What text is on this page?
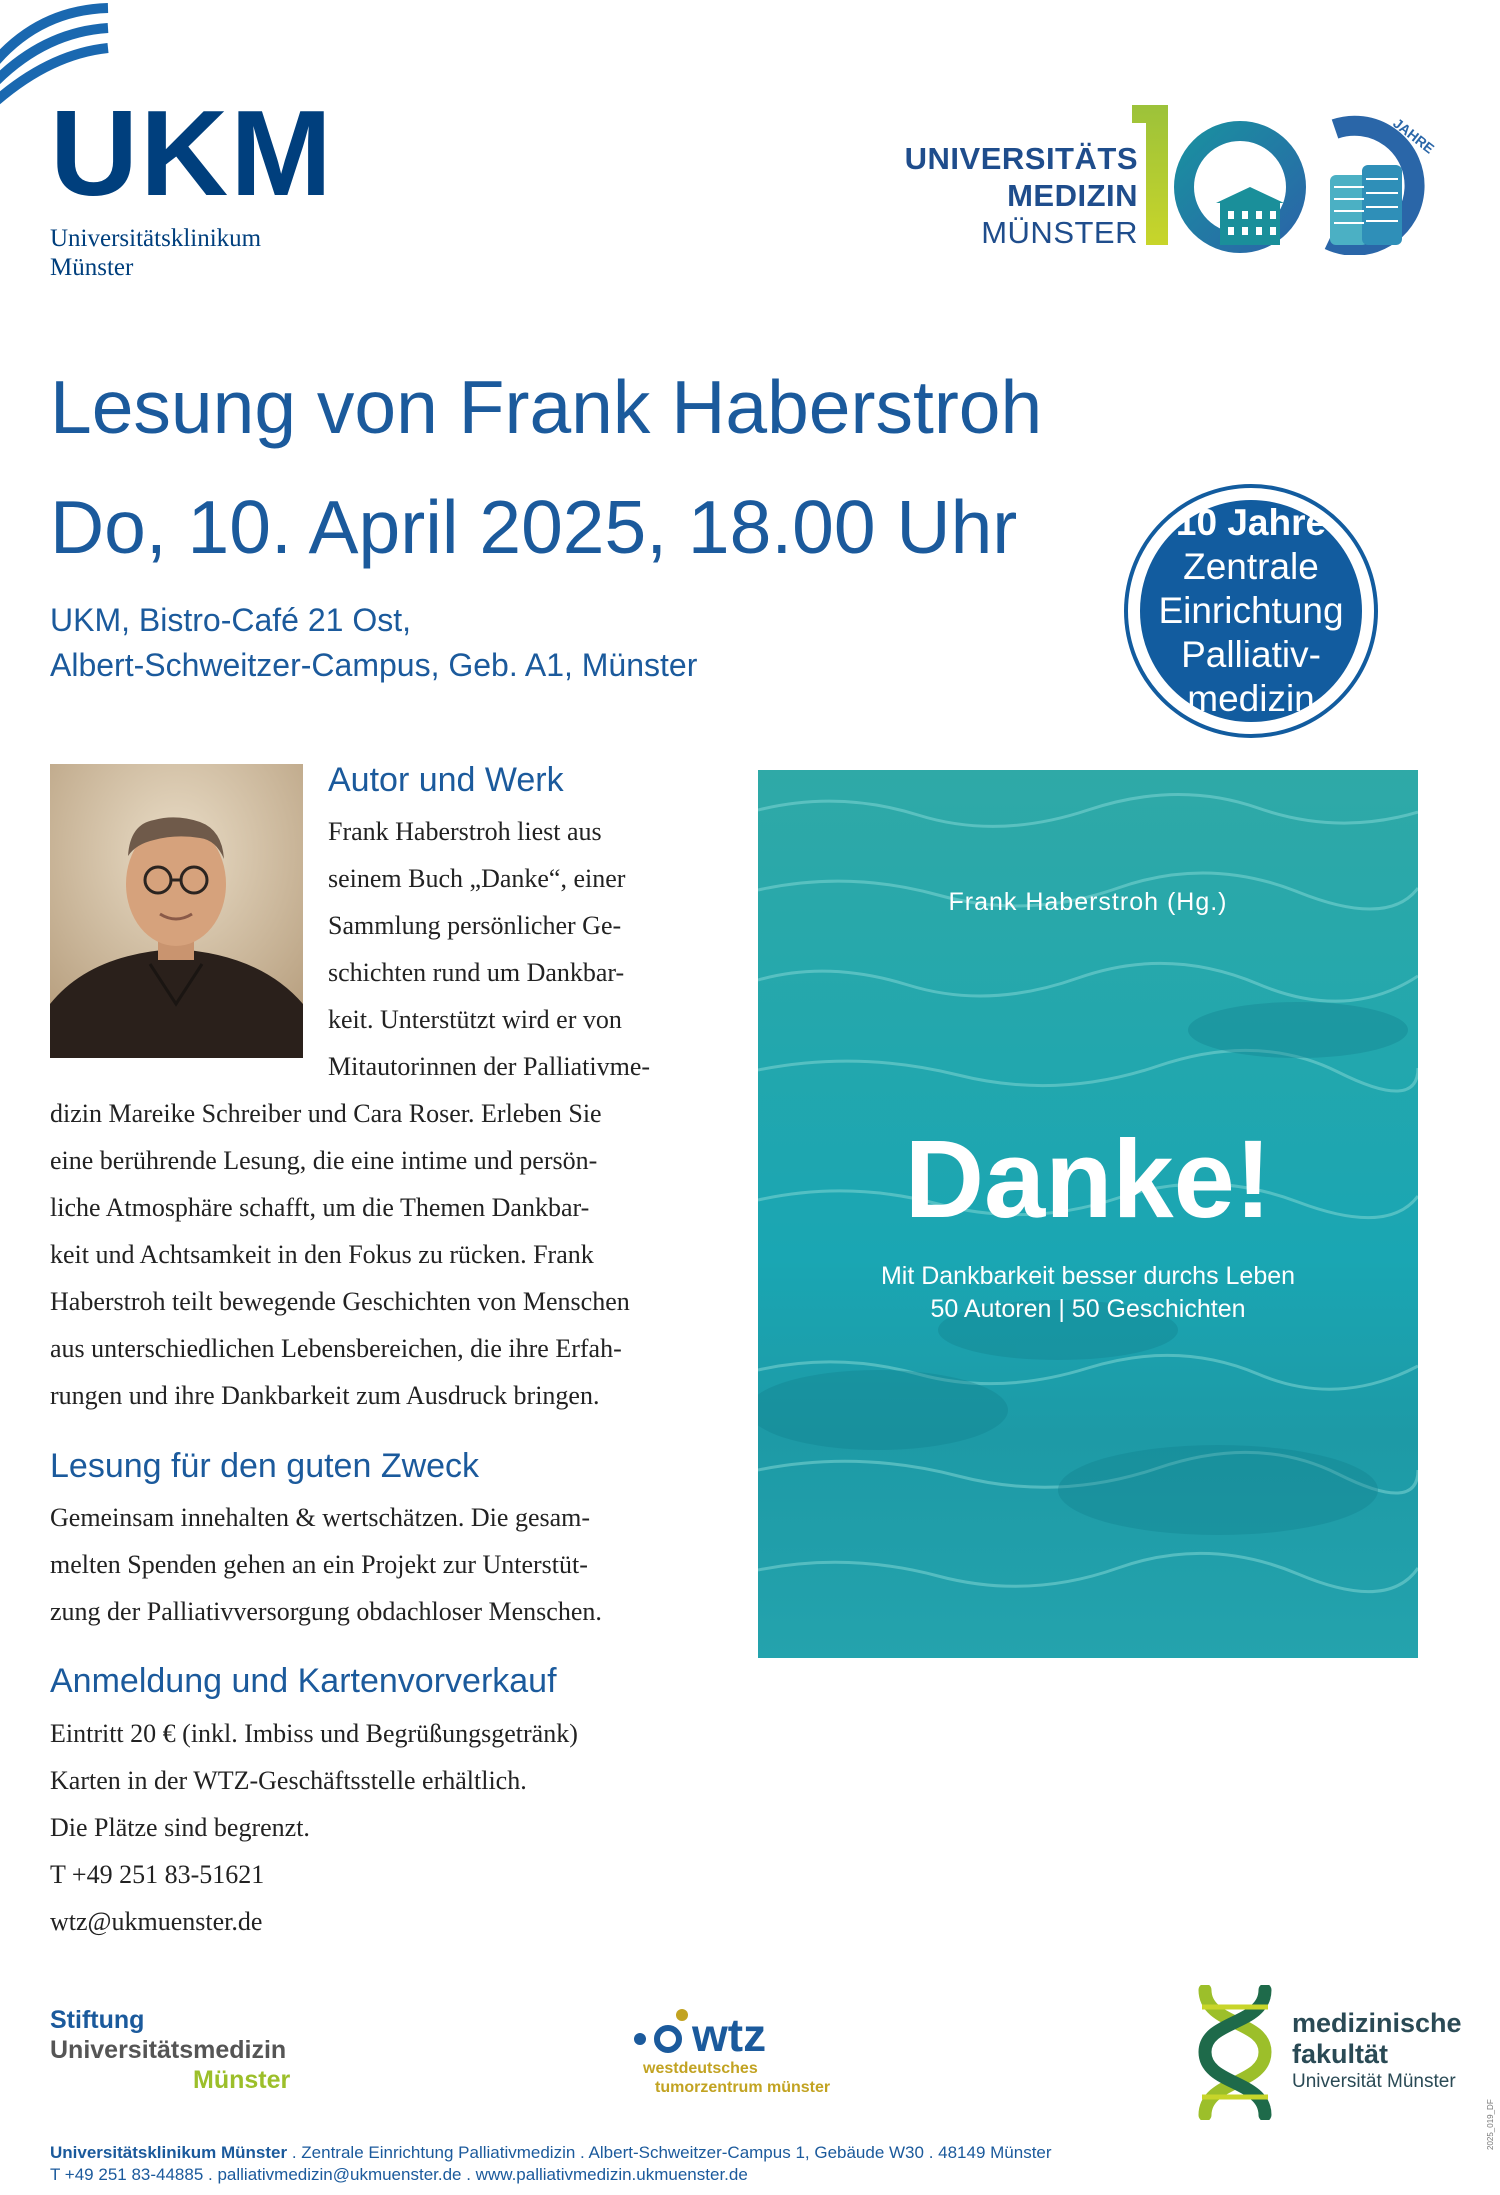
UKM
Universitätsklinikum
Münster
UNIVERSITÄTS
MEDIZIN
MÜNSTER
JAHRE
Lesung von Frank Haberstroh
Do, 10. April 2025, 18.00 Uhr
UKM, Bistro-Café 21 Ost,
Albert-Schweitzer-Campus, Geb. A1, Münster
Frank Haberstroh (Hg.)
Danke!
Mit Dankbarkeit besser durchs Leben
50 Autoren | 50 Geschichten
10 Jahre
Zentrale
Einrichtung
Palliativ-
medizin
Autor und Werk
Frank Haberstroh liest aus
seinem Buch „Danke“, einer
Sammlung persönlicher Ge-
schichten rund um Dankbar-
keit. Unterstützt wird er von
Mitautorinnen der Palliativme-
dizin Mareike Schreiber und Cara Roser. Erleben Sie
eine berührende Lesung, die eine intime und persön-
liche Atmosphäre schafft, um die Themen Dankbar-
keit und Achtsamkeit in den Fokus zu rücken. Frank
Haberstroh teilt bewegende Geschichten von Menschen
aus unterschiedlichen Lebensbereichen, die ihre Erfah-
rungen und ihre Dankbarkeit zum Ausdruck bringen.
Lesung für den guten Zweck
Gemeinsam innehalten & wertschätzen. Die gesam-
melten Spenden gehen an ein Projekt zur Unterstüt-
zung der Palliativversorgung obdachloser Menschen.
Anmeldung und Kartenvorverkauf
Eintritt 20 € (inkl. Imbiss und Begrüßungsgetränk)
Karten in der WTZ-Geschäftsstelle erhältlich.
Die Plätze sind begrenzt.
T +49 251 83-51621
wtz@ukmuenster.de
Stiftung
Universitätsmedizin
Münster
wtz
westdeutsches
tumorzentrum münster
medizinische
fakultät
Universität Münster
Universitätsklinikum Münster . Zentrale Einrichtung Palliativmedizin . Albert-Schweitzer-Campus 1, Gebäude W30 . 48149 Münster
T +49 251 83-44885 . palliativmedizin@ukmuenster.de . www.palliativmedizin.ukmuenster.de
2025_019_DF
